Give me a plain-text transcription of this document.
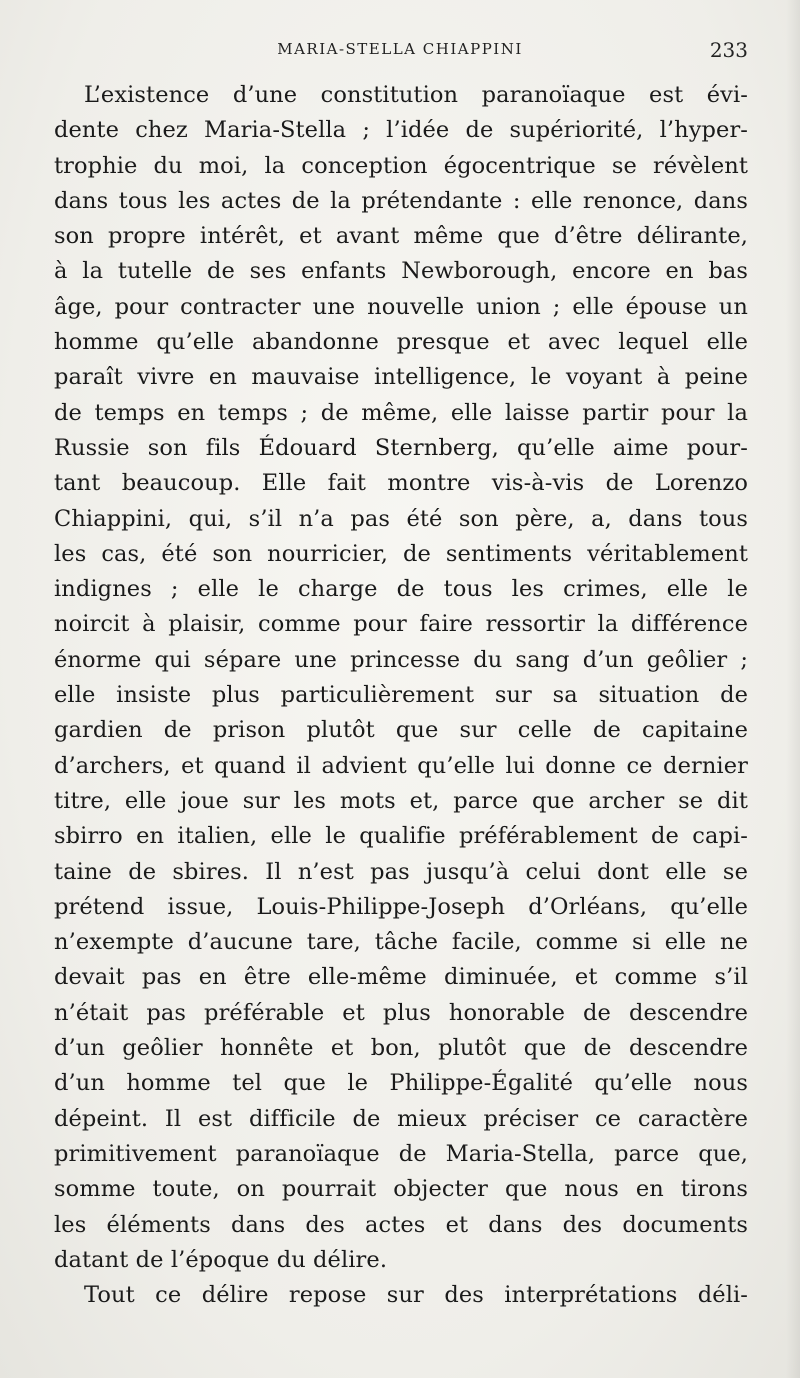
MARIA-STELLA CHIAPPINI	233
L’existence d’une constitution paranoïaque est évi-
dente chez Maria-Stella ; l’idée de supériorité, l’hyper-
trophie du moi, la conception égocentrique se révèlent
dans tous les actes de la prétendante : elle renonce, dans
son propre intérêt, et avant même que d’être délirante,
à la tutelle de ses enfants Newborough, encore en bas
âge, pour contracter une nouvelle union ; elle épouse un
homme qu’elle abandonne presque et avec lequel elle
paraît vivre en mauvaise intelligence, le voyant à peine
de temps en temps ; de même, elle laisse partir pour la
Russie son fils Édouard Sternberg, qu’elle aime pour-
tant beaucoup. Elle fait montre vis-à-vis de Lorenzo
Chiappini, qui, s’il n’a pas été son père, a, dans tous
les cas, été son nourricier, de sentiments véritablement
indignes ; elle le charge de tous les crimes, elle le
noircit à plaisir, comme pour faire ressortir la différence
énorme qui sépare une princesse du sang d’un geôlier ;
elle insiste plus particulièrement sur sa situation de
gardien de prison plutôt que sur celle de capitaine
d’archers, et quand il advient qu’elle lui donne ce dernier
titre, elle joue sur les mots et, parce que archer se dit
sbirro en italien, elle le qualifie préférablement de capi-
taine de sbires. Il n’est pas jusqu’à celui dont elle se
prétend issue, Louis-Philippe-Joseph d’Orléans, qu’elle
n’exempte d’aucune tare, tâche facile, comme si elle ne
devait pas en être elle-même diminuée, et comme s’il
n’était pas préférable et plus honorable de descendre
d’un geôlier honnête et bon, plutôt que de descendre
d’un homme tel que le Philippe-Égalité qu’elle nous
dépeint. Il est difficile de mieux préciser ce caractère
primitivement paranoïaque de Maria-Stella, parce que,
somme toute, on pourrait objecter que nous en tirons
les éléments dans des actes et dans des documents
datant de l’époque du délire.
Tout ce délire repose sur des interprétations déli-
